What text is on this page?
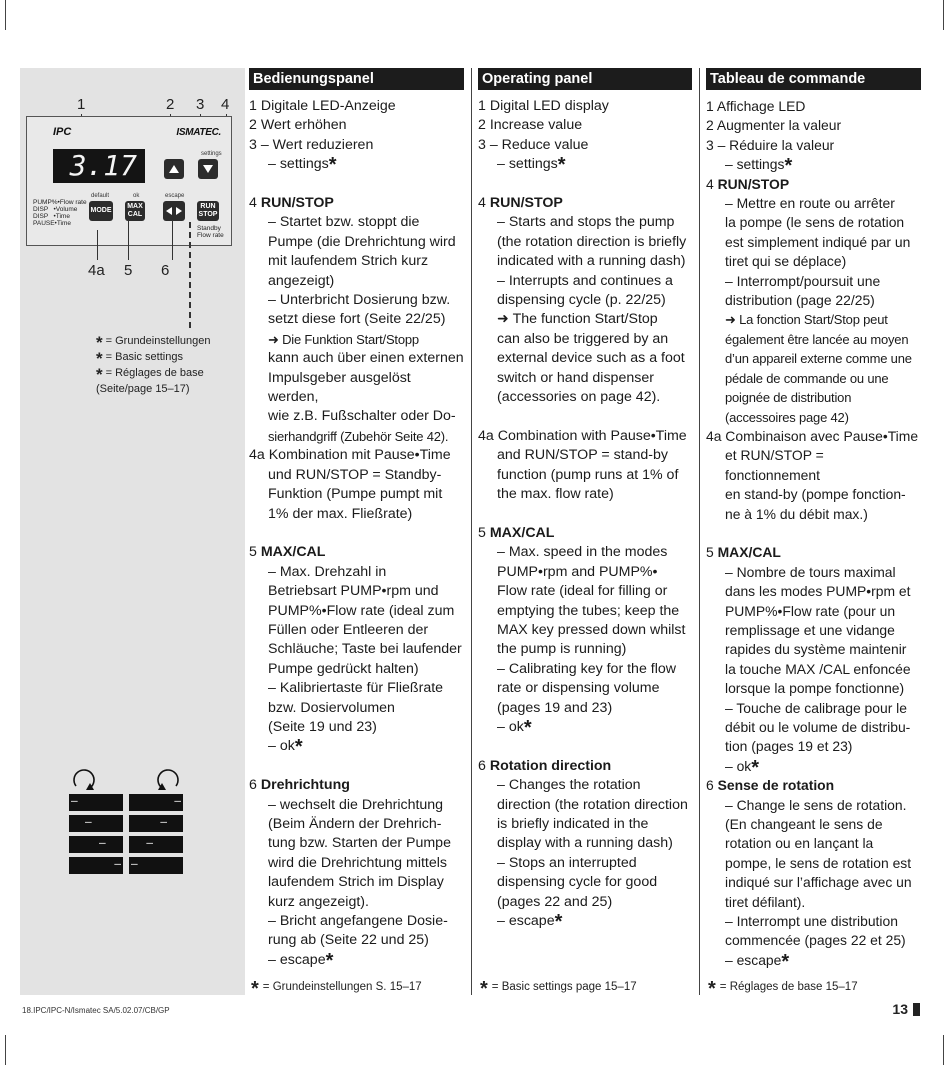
1	2 3 4
IPC	ISMATEC.
3.17	settings
default	ok	escape
MODE
MAX CAL
RUN STOP
PUMP%•Flow rate
DISP   •Volume
DISP   •Time
PAUSE•Time
Standby
Flow rate
4a 5 6
* = Grundeinstellungen
* = Basic settings
* = Réglages de base
(Seite/page 15–17)
–	–
–	–
–	–
– –
Bedienungspanel

1 Digitale LED-Anzeige

2 Wert erhöhen

3 – Wert reduzieren

– settings*

4 RUN/STOP

– Startet bzw. stoppt die

Pumpe (die Drehrichtung wird

mit laufendem Strich kurz

angezeigt)

– Unterbricht Dosierung bzw.

setzt diese fort (Seite 22/25)

➜ Die Funktion Start/Stopp

kann auch über einen externen

Impulsgeber ausgelöst werden,

wie z.B. Fußschalter oder Do-

sierhandgriff (Zubehör Seite 42).

4a Kombination mit Pause•Time

und RUN/STOP = Standby-

Funktion (Pumpe pumpt mit

1% der max. Fließrate)

5 MAX/CAL

– Max. Drehzahl in

Betriebsart PUMP•rpm und

PUMP%•Flow rate (ideal zum

Füllen oder Entleeren der

Schläuche; Taste bei laufender

Pumpe gedrückt halten)

– Kalibriertaste für Fließrate

bzw. Dosiervolumen

(Seite 19 und 23)

– ok*

6 Drehrichtung

– wechselt die Drehrichtung

(Beim Ändern der Drehrich-

tung bzw. Starten der Pumpe

wird die Drehrichtung mittels

laufendem Strich im Display

kurz angezeigt).

– Bricht angefangene Dosie-

rung ab (Seite 22 und 25)

– escape*

Operating panel

1 Digital LED display

2 Increase value

3 – Reduce value

– settings*

4 RUN/STOP

– Starts and stops the pump

(the rotation direction is briefly

indicated with a running dash)

– Interrupts and continues a

dispensing cycle (p. 22/25)

➜ The function Start/Stop

can also be triggered by an

external device such as a foot

switch or hand dispenser

(accessories on page 42).

4a Combination with Pause•Time

and RUN/STOP = stand-by

function (pump runs at 1% of

the max. flow rate)

5 MAX/CAL

– Max. speed in the modes

PUMP•rpm and PUMP%•

Flow rate (ideal for filling or

emptying the tubes; keep the

MAX key pressed down whilst

the pump is running)

– Calibrating key for the flow

rate or dispensing volume

(pages 19 and 23)

– ok*

6 Rotation direction

– Changes the rotation

direction (the rotation direction

is briefly indicated in the

display with a running dash)

– Stops an interrupted

dispensing cycle for good

(pages 22 and 25)

– escape*

Tableau de commande

1 Affichage LED

2 Augmenter la valeur

3 – Réduire la valeur

– settings*

4 RUN/STOP

– Mettre en route ou arrêter

la pompe (le sens de rotation

est simplement indiqué par un

tiret qui se déplace)

– Interrompt/poursuit une

distribution (page 22/25)

➜ La fonction Start/Stop peut

également être lancée au moyen

d’un appareil externe comme une

pédale de commande ou une

poignée de distribution

(accessoires page 42)

4a Combinaison avec Pause•Time

et RUN/STOP = fonctionnement

en stand-by (pompe fonction-

ne à 1% du débit max.)

5 MAX/CAL

– Nombre de tours maximal

dans les modes PUMP•rpm et

PUMP%•Flow rate (pour un

remplissage et une vidange

rapides du système maintenir

la touche MAX /CAL enfoncée

lorsque la pompe fonctionne)

– Touche de calibrage pour le

débit ou le volume de distribu-

tion (pages 19 et 23)

– ok*

6 Sense de rotation

– Change le sens de rotation.

(En changeant le sens de

rotation ou en lançant la

pompe, le sens de rotation est

indiqué sur l’affichage avec un

tiret défilant).

– Interrompt une distribution

commencée (pages 22 et 25)

– escape*

* = Grundeinstellungen S. 15–17	* = Basic settings page 15–17	* = Réglages de base 15–17
18.IPC/IPC-N/Ismatec SA/5.02.07/CB/GP	13
